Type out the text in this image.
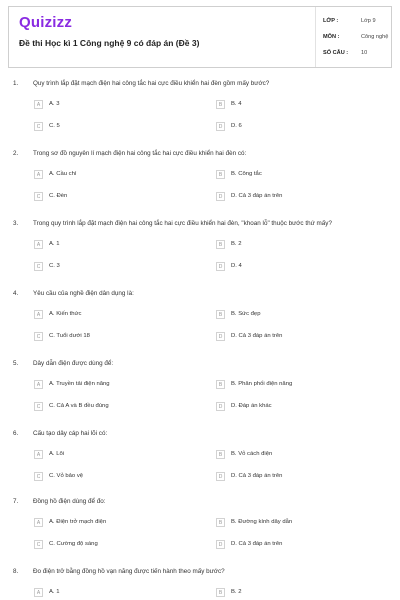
Quizizz
Đề thi Học kì 1 Công nghệ 9 có đáp án (Đề 3)
LỚP :	Lớp 9
MÔN :	Công nghệ
SỐ CÂU : 10
1. Quy trình lắp đặt mạch điện hai công tắc hai cực điều khiển hai đèn gồm mấy bước?
A	A. 3	B	B. 4
C	C. 5	D	D. 6
2. Trong sơ đồ nguyên lí mạch điện hai công tắc hai cực điều khiển hai đèn có:
A	A. Cầu chì	B	B. Công tắc
C	C. Đèn	D	D. Cả 3 đáp án trên
3. Trong quy trình lắp đặt mạch điện hai công tắc hai cực điều khiển hai đèn, "khoan lỗ" thuộc bước thứ mấy?
A	A. 1	B	B. 2
C	C. 3	D	D. 4
4. Yêu cầu của nghề điện dân dụng là:
A	A. Kiến thức	B	B. Sức đẹp
C	C. Tuổi dưới 18	D	D. Cả 3 đáp án trên
5. Dây dẫn điện được dùng để:
A	A. Truyền tải điện năng	B	B. Phân phối điện năng
C	C. Cả A và B đều đúng	D	D. Đáp án khác
6. Cấu tạo dây cáp hai lõi có:
A	A. Lõi	B	B. Vỏ cách điện
C	C. Vỏ bảo vệ	D	D. Cả 3 đáp án trên
7. Đồng hồ điện dùng để đo:
A	A. Điện trở mạch điện	B	B. Đường kính dây dẫn
C	C. Cường độ sáng	D	D. Cả 3 đáp án trên
8. Đo điện trở bằng đồng hồ vạn năng được tiến hành theo mấy bước?
A	A. 1	B	B. 2
